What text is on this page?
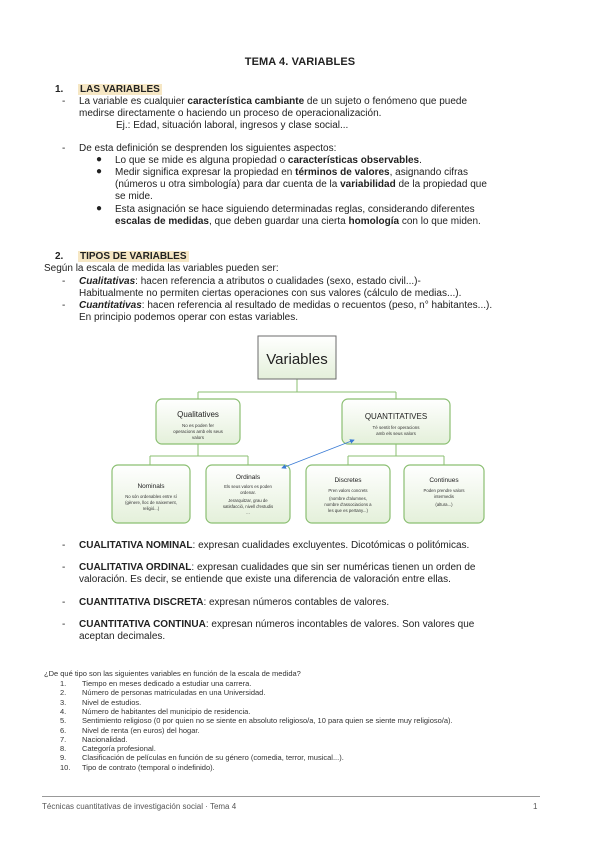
TEMA 4. VARIABLES
1. LAS VARIABLES
- La variable es cualquier característica cambiante de un sujeto o fenómeno que puede
medirse directamente o haciendo un proceso de operacionalización.
Ej.: Edad, situación laboral, ingresos y clase social...
- De esta definición se desprenden los siguientes aspectos:
● Lo que se mide es alguna propiedad o características observables.
● Medir significa expresar la propiedad en términos de valores, asignando cifras
(números u otra simbología) para dar cuenta de la variabilidad de la propiedad que
se mide.
● Esta asignación se hace siguiendo determinadas reglas, considerando diferentes
escalas de medidas, que deben guardar una cierta homología con lo que miden.
2. TIPOS DE VARIABLES
Según la escala de medida las variables pueden ser:
- Cualitativas: hacen referencia a atributos o cualidades (sexo, estado civil...)-
Habitualmente no permiten ciertas operaciones con sus valores (cálculo de medias...).
- Cuantitativas: hacen referencia al resultado de medidas o recuentos (peso, n° habitantes...).
En principio podemos operar con estas variables.
Variables
Qualitatives
No es poden fer
operacions amb els seus
valors
QUANTITATIVES
Té sentit fer operacions
amb els seus valors
Nominals
No són ordenables entre sí
(gènere, lloc de naixement,
religió...)
Ordinals
Els seus valors es poden
ordenar.
Jerarquitzar, grau de
satisfacció, nivell d'estudis
...
Discretes
Pren valors concrets
(nombre d'alumnes,
nombre d'associacions a
les que es pertany...)
Continues
Poden prendre valors
intermedis
(altura...)
- CUALITATIVA NOMINAL: expresan cualidades excluyentes. Dicotómicas o politómicas.
- CUALITATIVA ORDINAL: expresan cualidades que sin ser numéricas tienen un orden de
valoración. Es decir, se entiende que existe una diferencia de valoración entre ellas.
- CUANTITATIVA DISCRETA: expresan números contables de valores.
- CUANTITATIVA CONTINUA: expresan números incontables de valores. Son valores que
aceptan decimales.
¿De qué tipo son las siguientes variables en función de la escala de medida?
1. Tiempo en meses dedicado a estudiar una carrera.
2. Número de personas matriculadas en una Universidad.
3. Nivel de estudios.
4. Número de habitantes del municipio de residencia.
5. Sentimiento religioso (0 por quien no se siente en absoluto religioso/a, 10 para quien se siente muy religioso/a).
6. Nivel de renta (en euros) del hogar.
7. Nacionalidad.
8. Categoría profesional.
9. Clasificación de películas en función de su género (comedia, terror, musical...).
10. Tipo de contrato (temporal o indefinido).
Técnicas cuantitativas de investigación social · Tema 4	1
